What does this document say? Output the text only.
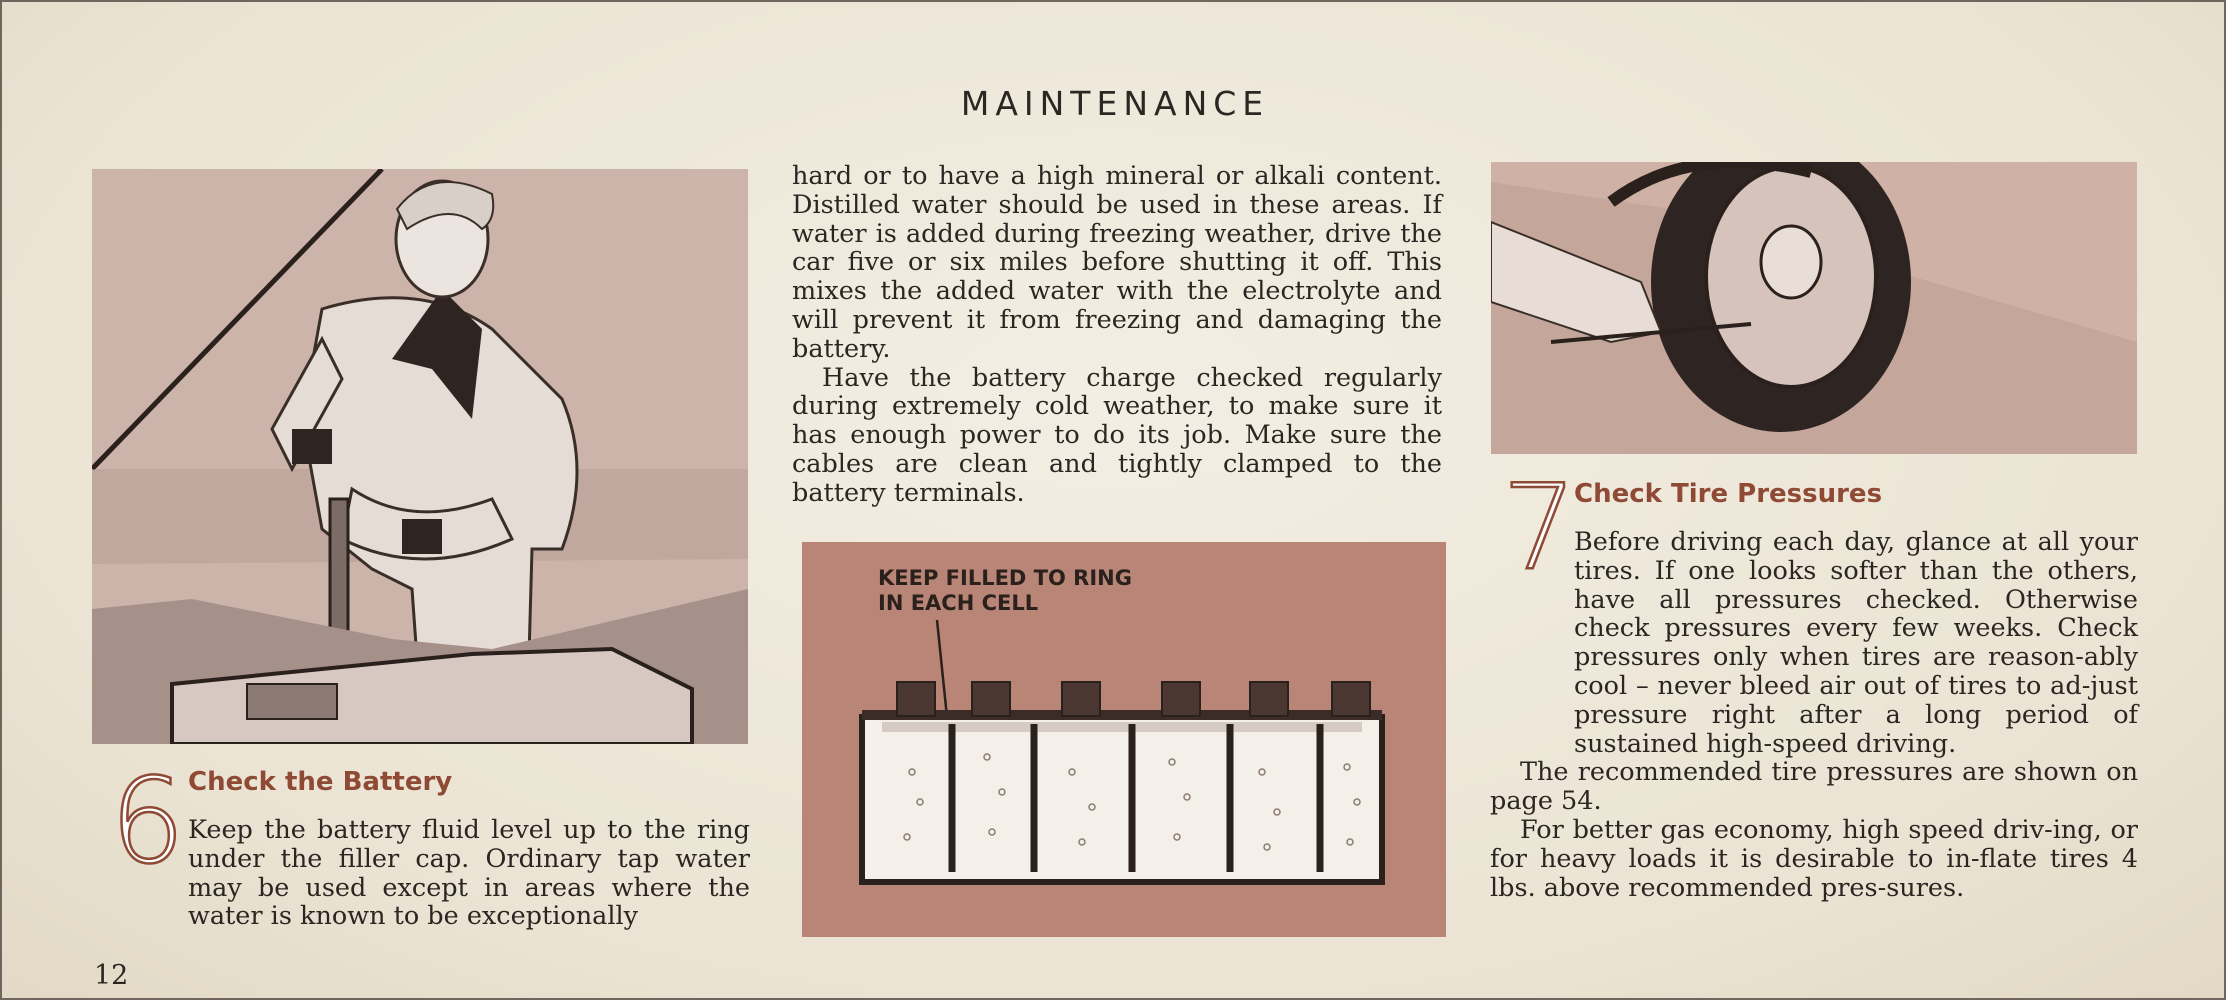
MAINTENANCE
6 Check the Battery

Keep the battery fluid level up to the ring under the filler cap. Ordinary tap water may be used except in areas where the water is known to be exceptionally

hard or to have a high mineral or alkali content. Distilled water should be used in these areas. If water is added during freezing weather, drive the car five or six miles before shutting it off. This mixes the added water with the electrolyte and will prevent it from freezing and damaging the battery.

Have the battery charge checked regularly during extremely cold weather, to make sure it has enough power to do its job. Make sure the cables are clean and tightly clamped to the battery terminals.

KEEP FILLED TO RING
IN EACH CELL
7
Check Tire Pressures

Before driving each day, glance at all your tires. If one looks softer than the others, have all pressures checked. Otherwise check pressures every few weeks. Check pressures only when tires are reason-ably cool – never bleed air out of tires to ad-just pressure right after a long period of sustained high-speed driving.

The recommended tire pressures are shown on page 54.

For better gas economy, high speed driv-ing, or for heavy loads it is desirable to in-flate tires 4 lbs. above recommended pres-sures.

12
